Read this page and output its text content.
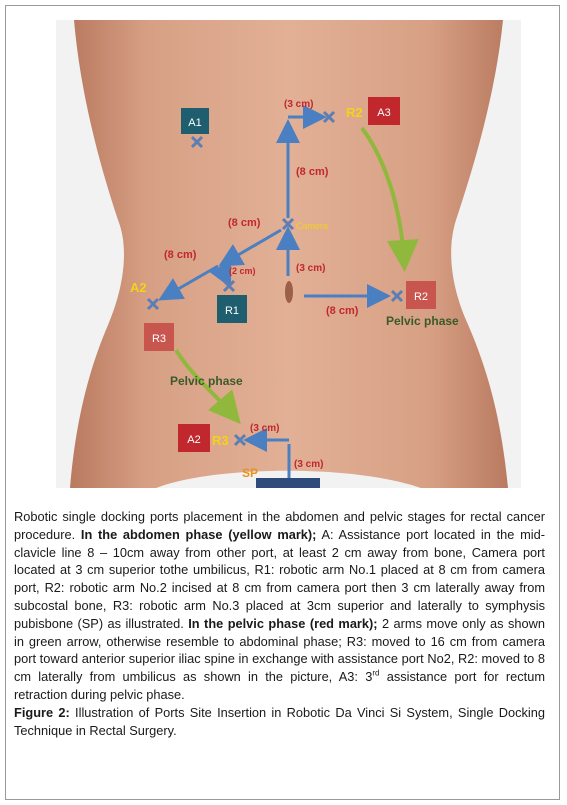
A1
A3
R1
R2
R3
A2
R2
A2
R3
Camera
SP
(3 cm)
(8 cm)
(8 cm)
(8 cm)
(2 cm)	(3 cm)
(8 cm)
(3 cm)
(3 cm)
Pelvic phase
Pelvic phase

Robotic single docking ports placement in the abdomen and pelvic stages for rectal cancer procedure. In the abdomen phase (yellow mark); A: Assistance port located in the mid-clavicle line 8 – 10cm away from other port, at least 2 cm away from bone, Camera port located at 3 cm superior tothe umbilicus, R1: robotic arm No.1 placed at 8 cm from camera port, R2: robotic arm No.2 incised at 8 cm from camera port then 3 cm laterally away from subcostal bone, R3: robotic arm No.3 placed at 3cm superior and laterally to symphysis pubisbone (SP) as illustrated. In the pelvic phase (red mark); 2 arms move only as shown in green arrow, otherwise resemble to abdominal phase; R3: moved to 16 cm from camera port toward anterior superior iliac spine in exchange with assistance port No2, R2: moved to 8 cm laterally from umbilicus as shown in the picture, A3: 3rd assistance port for rectum retraction during pelvic phase.

Figure 2: Illustration of Ports Site Insertion in Robotic Da Vinci Si System, Single Docking Technique in Rectal Surgery.
